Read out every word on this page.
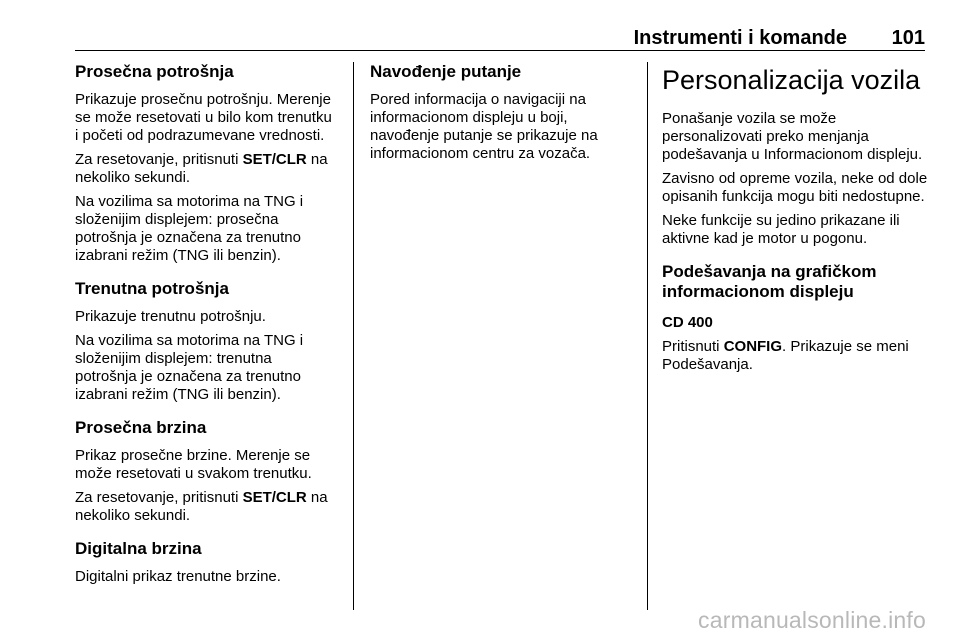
Instrumenti i komande 101
Prosečna potrošnja

Prikazuje prosečnu potrošnju. Merenje se može resetovati u bilo kom trenutku i početi od podrazumevane vrednosti.

Za resetovanje, pritisnuti SET/CLR na nekoliko sekundi.

Na vozilima sa motorima na TNG i složenijim displejem: prosečna potrošnja je označena za trenutno izabrani režim (TNG ili benzin).

Trenutna potrošnja

Prikazuje trenutnu potrošnju.

Na vozilima sa motorima na TNG i složenijim displejem: trenutna potrošnja je označena za trenutno izabrani režim (TNG ili benzin).

Prosečna brzina

Prikaz prosečne brzine. Merenje se može resetovati u svakom trenutku.

Za resetovanje, pritisnuti SET/CLR na nekoliko sekundi.

Digitalna brzina

Digitalni prikaz trenutne brzine.

Navođenje putanje

Pored informacija o navigaciji na informacionom displeju u boji, navođenje putanje se prikazuje na informacionom centru za vozača.

Personalizacija vozila

Ponašanje vozila se može personalizovati preko menjanja podešavanja u Informacionom displeju.

Zavisno od opreme vozila, neke od dole opisanih funkcija mogu biti nedostupne.

Neke funkcije su jedino prikazane ili aktivne kad je motor u pogonu.

Podešavanja na grafičkom informacionom displeju
CD 400

Pritisnuti CONFIG. Prikazuje se meni Podešavanja.

carmanualsonline.info
